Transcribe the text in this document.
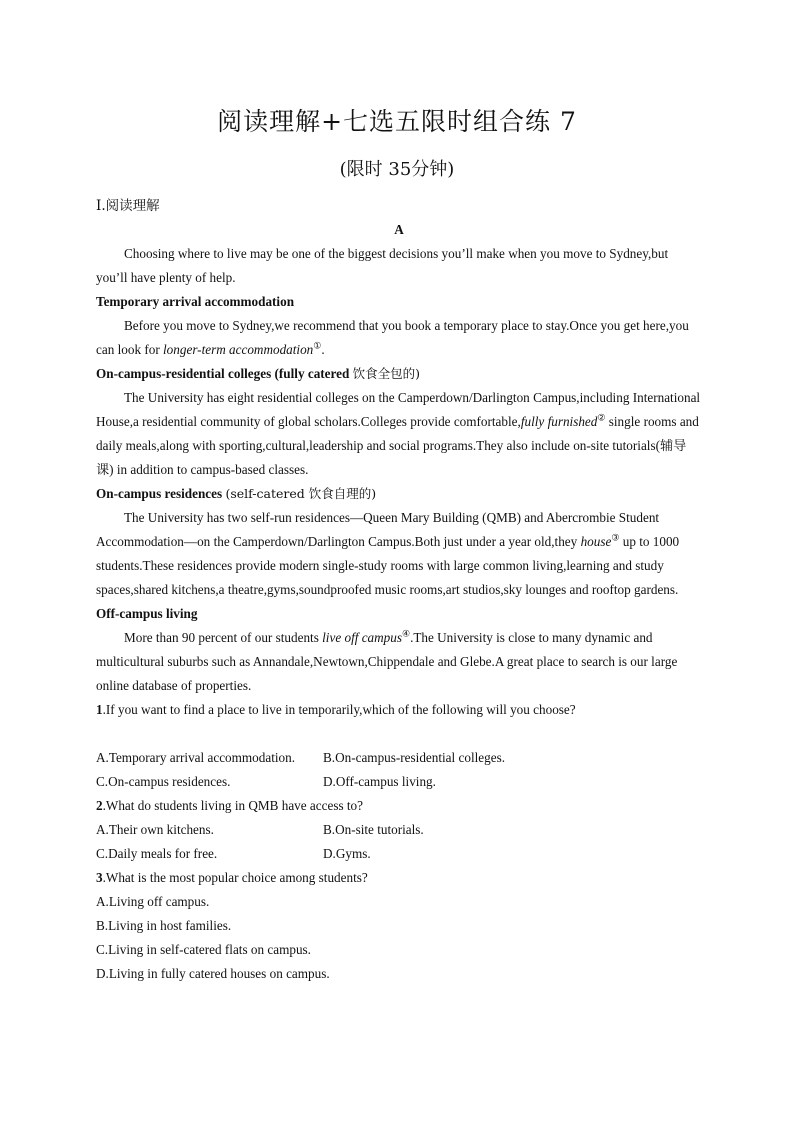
阅读理解+七选五限时组合练 7
(限时 35分钟)

Ⅰ.阅读理解

A

Choosing where to live may be one of the biggest decisions you’ll make when you move to Sydney,but you’ll have plenty of help.

Temporary arrival accommodation

Before you move to Sydney,we recommend that you book a temporary place to stay.Once you get here,you can look for longer-term accommodation①.

On-campus-residential colleges (fully catered 饮食全包的)

The University has eight residential colleges on the Camperdown/Darlington Campus,including International House,a residential community of global scholars.Colleges provide comfortable,fully furnished② single rooms and daily meals,along with sporting,cultural,leadership and social programs.They also include on-site tutorials(辅导课) in addition to campus-based classes.

On-campus residences (self-catered 饮食自理的)

The University has two self-run residences—Queen Mary Building (QMB) and Abercrombie Student Accommodation—on the Camperdown/Darlington Campus.Both just under a year old,they house③ up to 1000 students.These residences provide modern single-study rooms with large common living,learning and study spaces,shared kitchens,a theatre,gyms,soundproofed music rooms,art studios,sky lounges and rooftop gardens.

Off-campus living

More than 90 percent of our students live off campus④.The University is close to many dynamic and multicultural suburbs such as Annandale,Newtown,Chippendale and Glebe.A great place to search is our large online database of properties.

1.If you want to find a place to live in temporarily,which of the following will you choose?

A.Temporary arrival accommodation.	B.On-campus-residential colleges.
C.On-campus residences.	D.Off-campus living.

2.What do students living in QMB have access to?

A.Their own kitchens.	B.On-site tutorials.
C.Daily meals for free.	D.Gyms.

3.What is the most popular choice among students?

A.Living off campus.

B.Living in host families.

C.Living in self-catered flats on campus.

D.Living in fully catered houses on campus.
